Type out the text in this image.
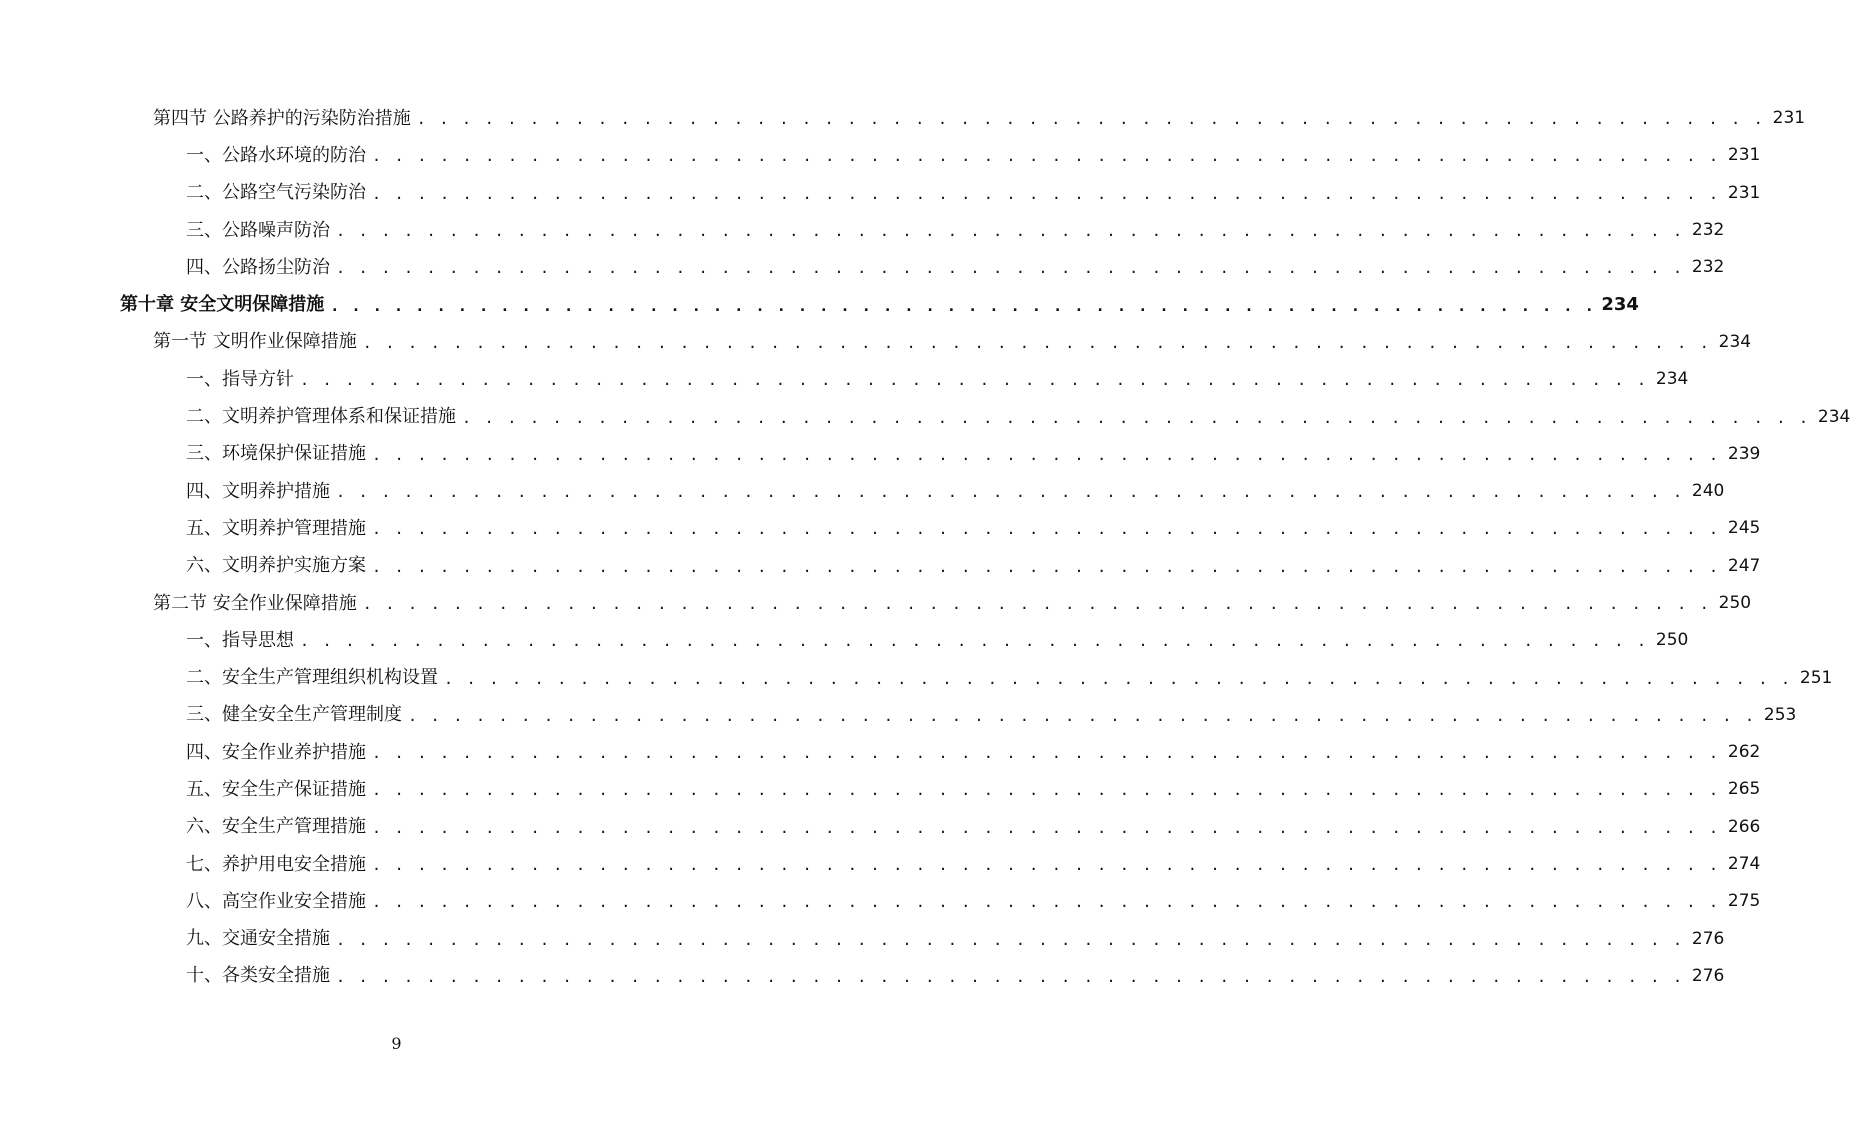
第四节 公路养护的污染防治措施 . . . . . . . . . . . . . . . . . . . . . . . . . . . . . . . . . . . . . . . . . . . . . . . . . . . . . . . . . . . . 231
一、公路水环境的防治 . . . . . . . . . . . . . . . . . . . . . . . . . . . . . . . . . . . . . . . . . . . . . . . . . . . . . . . . . . . . 231
二、公路空气污染防治 . . . . . . . . . . . . . . . . . . . . . . . . . . . . . . . . . . . . . . . . . . . . . . . . . . . . . . . . . . . . 231
三、公路噪声防治 . . . . . . . . . . . . . . . . . . . . . . . . . . . . . . . . . . . . . . . . . . . . . . . . . . . . . . . . . . . . 232
四、公路扬尘防治 . . . . . . . . . . . . . . . . . . . . . . . . . . . . . . . . . . . . . . . . . . . . . . . . . . . . . . . . . . . . 232
第十章 安全文明保障措施 . . . . . . . . . . . . . . . . . . . . . . . . . . . . . . . . . . . . . . . . . . . . . . . . . . . . . . . . . . . . 234
第一节 文明作业保障措施 . . . . . . . . . . . . . . . . . . . . . . . . . . . . . . . . . . . . . . . . . . . . . . . . . . . . . . . . . . . . 234
一、指导方针 . . . . . . . . . . . . . . . . . . . . . . . . . . . . . . . . . . . . . . . . . . . . . . . . . . . . . . . . . . . . 234
二、文明养护管理体系和保证措施 . . . . . . . . . . . . . . . . . . . . . . . . . . . . . . . . . . . . . . . . . . . . . . . . . . . . . . . . . . . . 234
三、环境保护保证措施 . . . . . . . . . . . . . . . . . . . . . . . . . . . . . . . . . . . . . . . . . . . . . . . . . . . . . . . . . . . . 239
四、文明养护措施 . . . . . . . . . . . . . . . . . . . . . . . . . . . . . . . . . . . . . . . . . . . . . . . . . . . . . . . . . . . . 240
五、文明养护管理措施 . . . . . . . . . . . . . . . . . . . . . . . . . . . . . . . . . . . . . . . . . . . . . . . . . . . . . . . . . . . . 245
六、文明养护实施方案 . . . . . . . . . . . . . . . . . . . . . . . . . . . . . . . . . . . . . . . . . . . . . . . . . . . . . . . . . . . . 247
第二节 安全作业保障措施 . . . . . . . . . . . . . . . . . . . . . . . . . . . . . . . . . . . . . . . . . . . . . . . . . . . . . . . . . . . . 250
一、指导思想 . . . . . . . . . . . . . . . . . . . . . . . . . . . . . . . . . . . . . . . . . . . . . . . . . . . . . . . . . . . . 250
二、安全生产管理组织机构设置 . . . . . . . . . . . . . . . . . . . . . . . . . . . . . . . . . . . . . . . . . . . . . . . . . . . . . . . . . . . . 251
三、健全安全生产管理制度 . . . . . . . . . . . . . . . . . . . . . . . . . . . . . . . . . . . . . . . . . . . . . . . . . . . . . . . . . . . . 253
四、安全作业养护措施 . . . . . . . . . . . . . . . . . . . . . . . . . . . . . . . . . . . . . . . . . . . . . . . . . . . . . . . . . . . . 262
五、安全生产保证措施 . . . . . . . . . . . . . . . . . . . . . . . . . . . . . . . . . . . . . . . . . . . . . . . . . . . . . . . . . . . . 265
六、安全生产管理措施 . . . . . . . . . . . . . . . . . . . . . . . . . . . . . . . . . . . . . . . . . . . . . . . . . . . . . . . . . . . . 266
七、养护用电安全措施 . . . . . . . . . . . . . . . . . . . . . . . . . . . . . . . . . . . . . . . . . . . . . . . . . . . . . . . . . . . . 274
八、高空作业安全措施 . . . . . . . . . . . . . . . . . . . . . . . . . . . . . . . . . . . . . . . . . . . . . . . . . . . . . . . . . . . . 275
九、交通安全措施 . . . . . . . . . . . . . . . . . . . . . . . . . . . . . . . . . . . . . . . . . . . . . . . . . . . . . . . . . . . . 276
十、各类安全措施 . . . . . . . . . . . . . . . . . . . . . . . . . . . . . . . . . . . . . . . . . . . . . . . . . . . . . . . . . . . . 276
9
